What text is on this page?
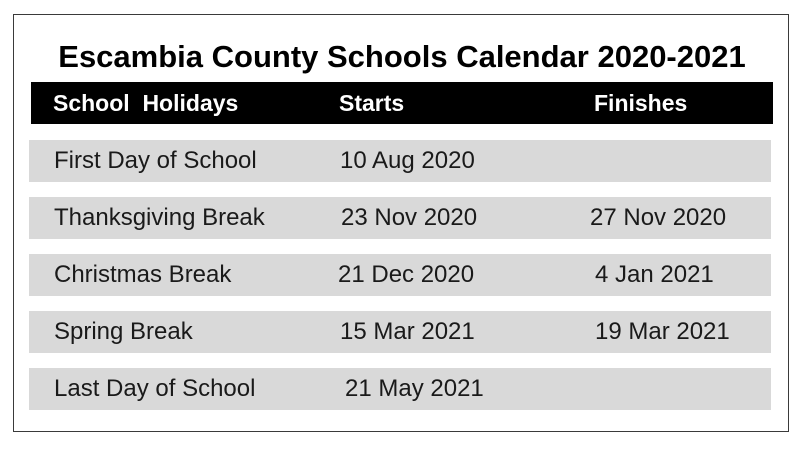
Escambia County Schools Calendar 2020-2021
School  Holidays	Starts	Finishes
First Day of School	10 Aug 2020
Thanksgiving Break	23 Nov 2020	27 Nov 2020
Christmas Break	21 Dec 2020	4 Jan 2021
Spring Break	15 Mar 2021	19 Mar 2021
Last Day of School	21 May 2021
